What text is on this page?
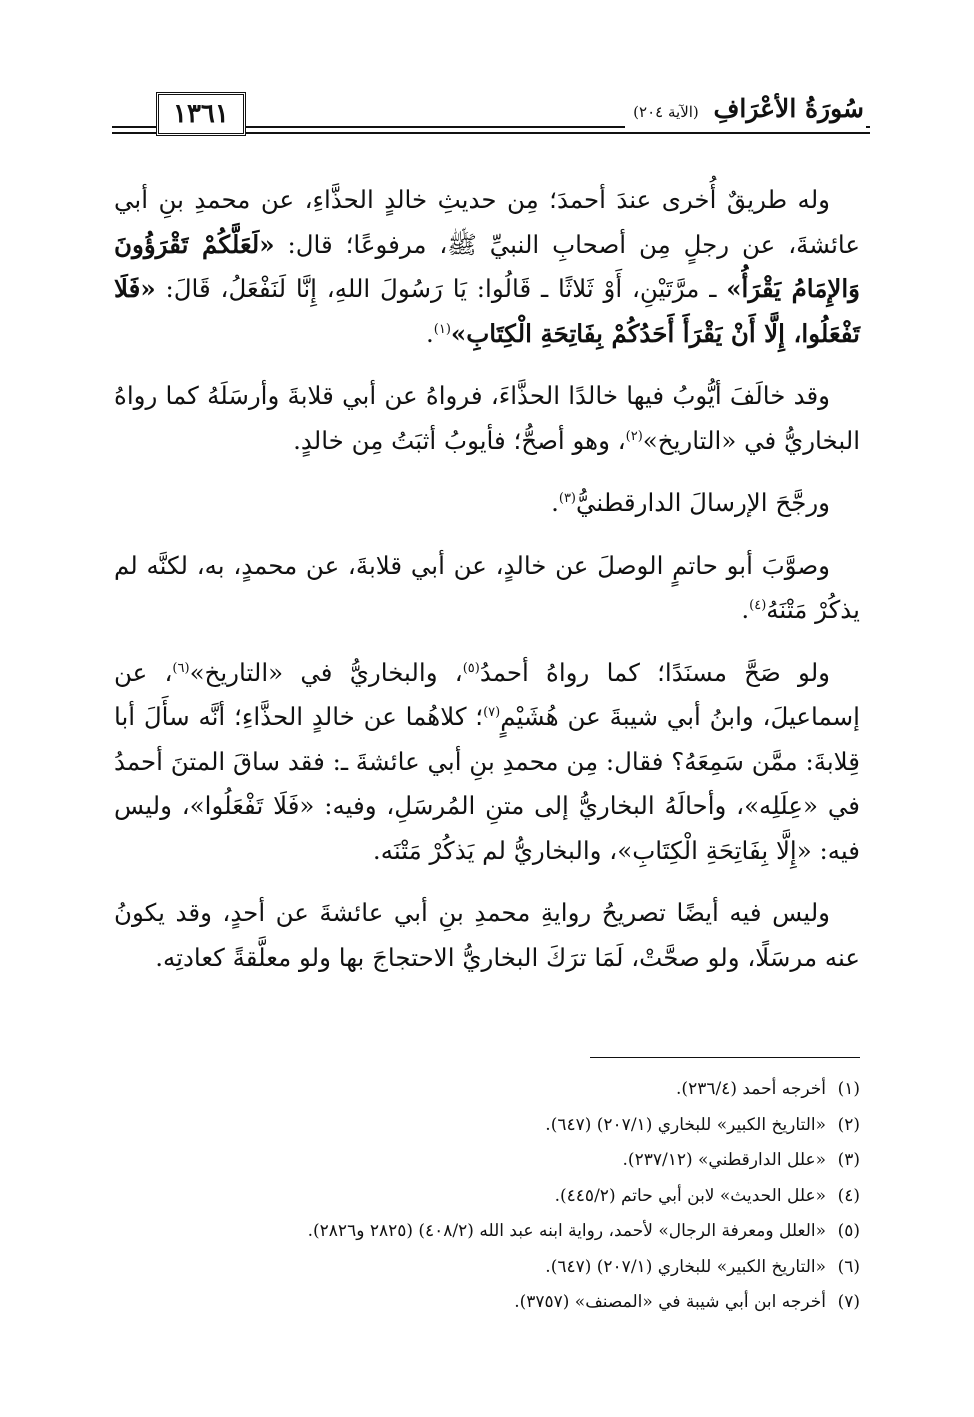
سُورَةُ الأعْرَافِ (الآية ٢٠٤)
١٣٦١

وله طريقٌ أُخرى عندَ أحمدَ؛ مِن حديثِ خالدٍ الحذَّاءِ، عن محمدِ بنِ أبي عائشةَ، عن رجلٍ مِن أصحابِ النبيِّ ﷺ، مرفوعًا؛ قال: «لَعَلَّكُمْ تَقْرَؤُونَ وَالإِمَامُ يَقْرَأُ» ـ مرَّتَيْنِ، أَوْ ثَلاثًا ـ قَالُوا: يَا رَسُولَ اللهِ، إِنَّا لَنَفْعَلُ، قَالَ: «فَلَا تَفْعَلُوا، إِلَّا أَنْ يَقْرَأَ أَحَدُكُمْ بِفَاتِحَةِ الْكِتَابِ»$^{(١)}$.

وقد خالَفَ أيُّوبُ فيها خالدًا الحذَّاءَ، فرواهُ عن أبي قلابةَ وأرسَلَهُ كما رواهُ البخاريُّ في «التاريخ»$^{(٢)}$، وهو أصحُّ؛ فأيوبُ أثبَتُ مِن خالدٍ.

ورجَّحَ الإرسالَ الدارقطنيُّ$^{(٣)}$.

وصوَّبَ أبو حاتمٍ الوصلَ عن خالدٍ، عن أبي قلابةَ، عن محمدٍ، به، لكنَّه لم يذكُرْ مَتْنَهُ$^{(٤)}$.

ولو صَحَّ مسنَدًا؛ كما رواهُ أحمدُ$^{(٥)}$، والبخاريُّ في «التاريخ»$^{(٦)}$، عن إسماعيلَ، وابنُ أبي شيبةَ عن هُشَيْمٍ$^{(٧)}$؛ كلاهُما عن خالدٍ الحذَّاءِ؛ أنَّه سأَلَ أبا قِلابةَ: ممَّن سَمِعَهُ؟ فقال: مِن محمدِ بنِ أبي عائشةَ ـ: فقد ساقَ المتنَ أحمدُ في «عِلَلِه»، وأحالَهُ البخاريُّ إلى متنِ المُرسَلِ، وفيه: «فَلَا تَفْعَلُوا»، وليس فيه: «إِلَّا بِفَاتِحَةِ الْكِتَابِ»، والبخاريُّ لم يَذكُرْ مَتْنَه.

وليس فيه أيضًا تصريحُ روايةِ محمدِ بنِ أبي عائشةَ عن أحدٍ، وقد يكونُ عنه مرسَلًا، ولو صحَّتْ، لَمَا ترَكَ البخاريُّ الاحتجاجَ بها ولو معلَّقةً كعادتِه.

(١)أخرجه أحمد (٢٣٦/٤).
(٢)«التاريخ الكبير» للبخاري (٢٠٧/١) (٦٤٧).
(٣)«علل الدارقطني» (٢٣٧/١٢).
(٤)«علل الحديث» لابن أبي حاتم (٤٤٥/٢).
(٥)«العلل ومعرفة الرجال» لأحمد، رواية ابنه عبد الله (٤٠٨/٢) (٢٨٢٥ و٢٨٢٦).
(٦)«التاريخ الكبير» للبخاري (٢٠٧/١) (٦٤٧).
(٧)أخرجه ابن أبي شيبة في «المصنف» (٣٧٥٧).
